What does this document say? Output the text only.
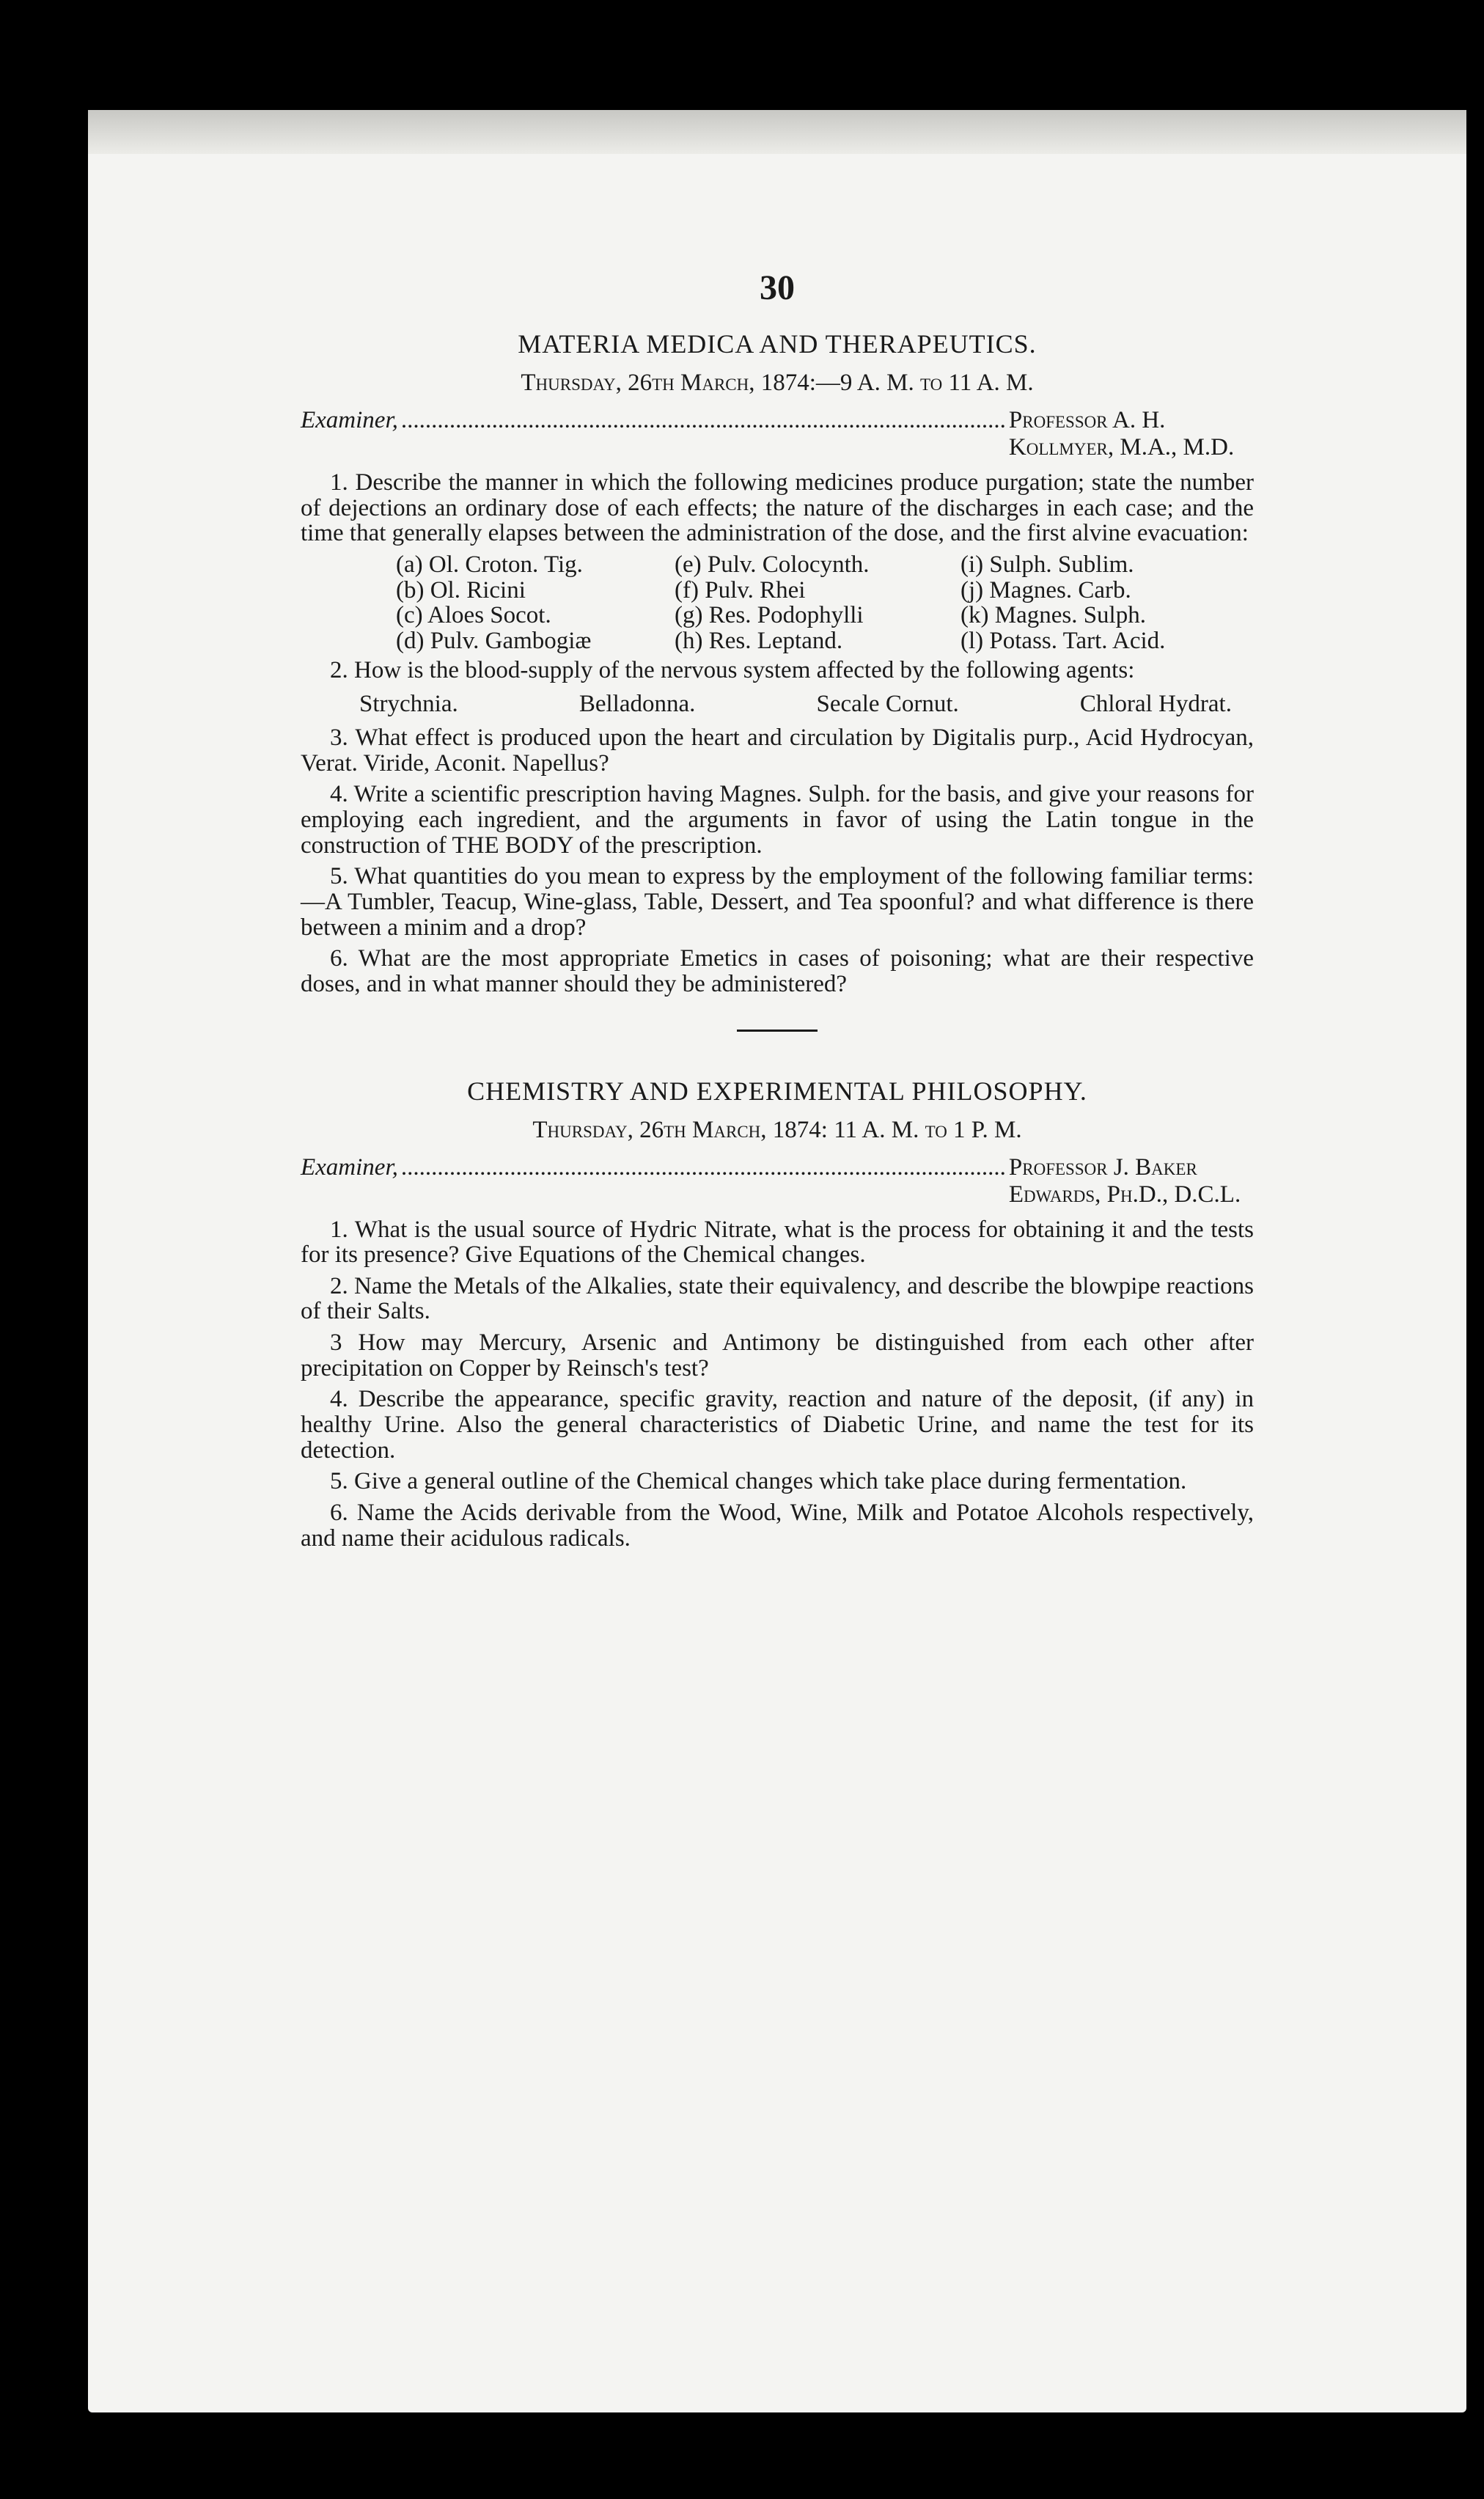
30
MATERIA MEDICA AND THERAPEUTICS.
Thursday, 26th March, 1874:—9 A. M. to 11 A. M.
Examiner, .................................................................................................... Professor A. H. Kollmyer, M.A., M.D.

1. Describe the manner in which the following medicines produce purgation; state the number of dejections an ordinary dose of each effects; the nature of the discharges in each case; and the time that generally elapses between the administration of the dose, and the first alvine evacuation:

(a) Ol. Croton. Tig.	(e) Pulv. Colocynth.	(i) Sulph. Sublim.
(b) Ol. Ricini	(f) Pulv. Rhei	(j) Magnes. Carb.
(c) Aloes Socot.	(g) Res. Podophylli	(k) Magnes. Sulph.
(d) Pulv. Gambogiæ	(h) Res. Leptand.	(l) Potass. Tart. Acid.

2. How is the blood-supply of the nervous system affected by the following agents:

Strychnia.	Belladonna.	Secale Cornut.	Chloral Hydrat.

3. What effect is produced upon the heart and circulation by Digitalis purp., Acid Hydrocyan, Verat. Viride, Aconit. Napellus?

4. Write a scientific prescription having Magnes. Sulph. for the basis, and give your reasons for employing each ingredient, and the arguments in favor of using the Latin tongue in the construction of THE BODY of the prescription.

5. What quantities do you mean to express by the employment of the following familiar terms:—A Tumbler, Teacup, Wine-glass, Table, Dessert, and Tea spoonful? and what difference is there between a minim and a drop?

6. What are the most appropriate Emetics in cases of poisoning; what are their respective doses, and in what manner should they be administered?

CHEMISTRY AND EXPERIMENTAL PHILOSOPHY.
Thursday, 26th March, 1874: 11 A. M. to 1 P. M.
Examiner, .................................................................................................... Professor J. Baker Edwards, Ph.D., D.C.L.

1. What is the usual source of Hydric Nitrate, what is the process for obtaining it and the tests for its presence? Give Equations of the Chemical changes.

2. Name the Metals of the Alkalies, state their equivalency, and describe the blowpipe reactions of their Salts.

3 How may Mercury, Arsenic and Antimony be distinguished from each other after precipitation on Copper by Reinsch's test?

4. Describe the appearance, specific gravity, reaction and nature of the deposit, (if any) in healthy Urine. Also the general characteristics of Diabetic Urine, and name the test for its detection.

5. Give a general outline of the Chemical changes which take place during fermentation.

6. Name the Acids derivable from the Wood, Wine, Milk and Potatoe Alcohols respectively, and name their acidulous radicals.
